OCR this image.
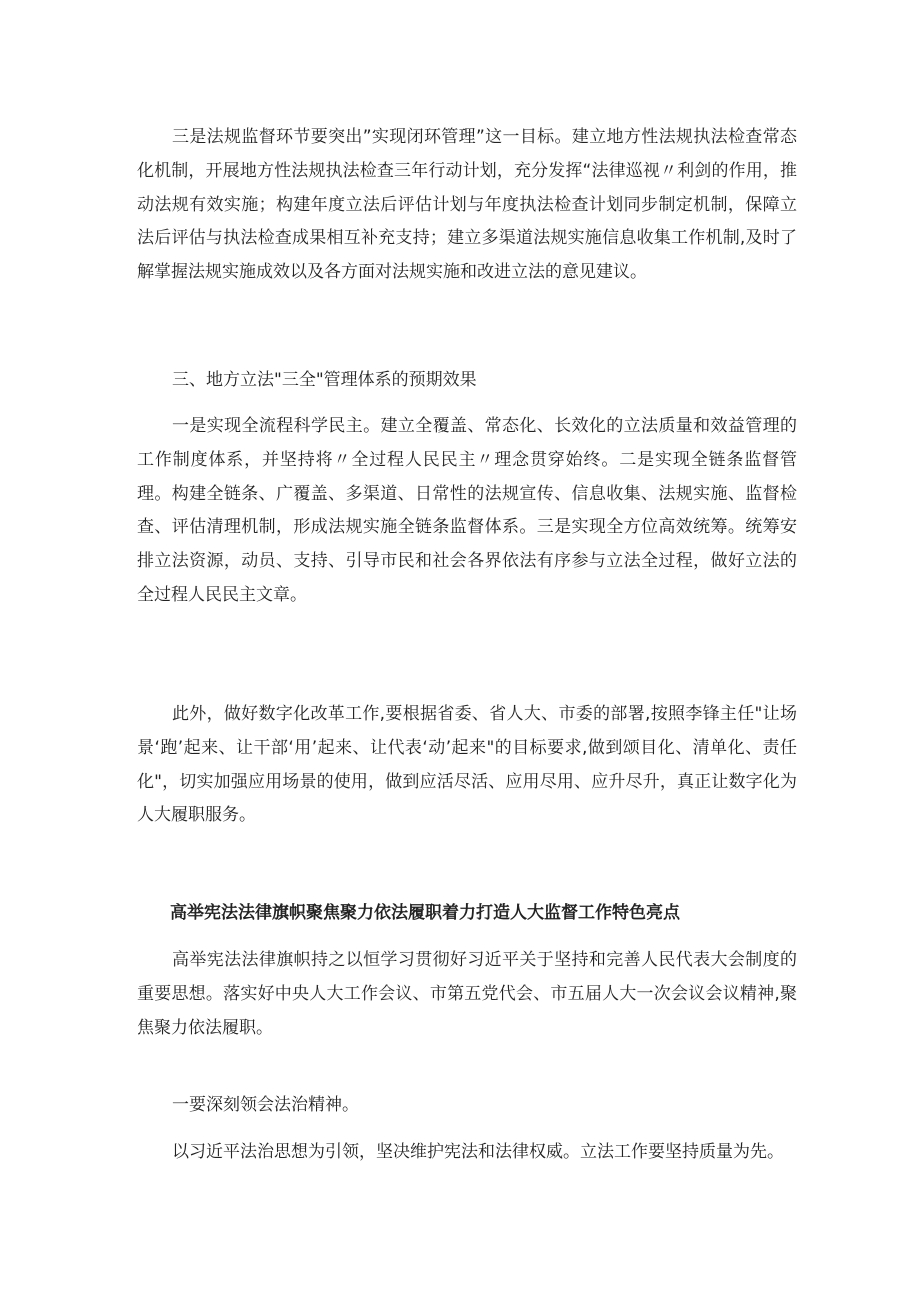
三是法规监督环节要突出”实现闭环管理”这一目标。建立地方性法规执法检查常态化机制，开展地方性法规执法检查三年行动计划，充分发挥“法律巡视〃利剑的作用，推动法规有效实施；构建年度立法后评估计划与年度执法检查计划同步制定机制，保障立法后评估与执法检查成果相互补充支持；建立多渠道法规实施信息收集工作机制,及时了解掌握法规实施成效以及各方面对法规实施和改进立法的意见建议。

三、地方立法"三全"管理体系的预期效果

一是实现全流程科学民主。建立全覆盖、常态化、长效化的立法质量和效益管理的工作制度体系，并坚持将〃全过程人民民主〃理念贯穿始终。二是实现全链条监督管理。构建全链条、广覆盖、多渠道、日常性的法规宣传、信息收集、法规实施、监督检查、评估清理机制，形成法规实施全链条监督体系。三是实现全方位高效统筹。统筹安排立法资源，动员、支持、引导市民和社会各界依法有序参与立法全过程，做好立法的全过程人民民主文章。

此外，做好数字化改革工作,要根据省委、省人大、市委的部署,按照李锋主任"让场景‘跑’起来、让干部‘用’起来、让代表‘动’起来"的目标要求,做到颂目化、清单化、责任化"，切实加强应用场景的使用，做到应活尽活、应用尽用、应升尽升，真正让数字化为人大履职服务。

高举宪法法律旗帜聚焦聚力依法履职着力打造人大监督工作特色亮点

高举宪法法律旗帜持之以恒学习贯彻好习近平关于坚持和完善人民代表大会制度的重要思想。落实好中央人大工作会议、市第五党代会、市五届人大一次会议会议精神,聚焦聚力依法履职。

一要深刻领会法治精神。

以习近平法治思想为引领，坚决维护宪法和法律权威。立法工作要坚持质量为先。
